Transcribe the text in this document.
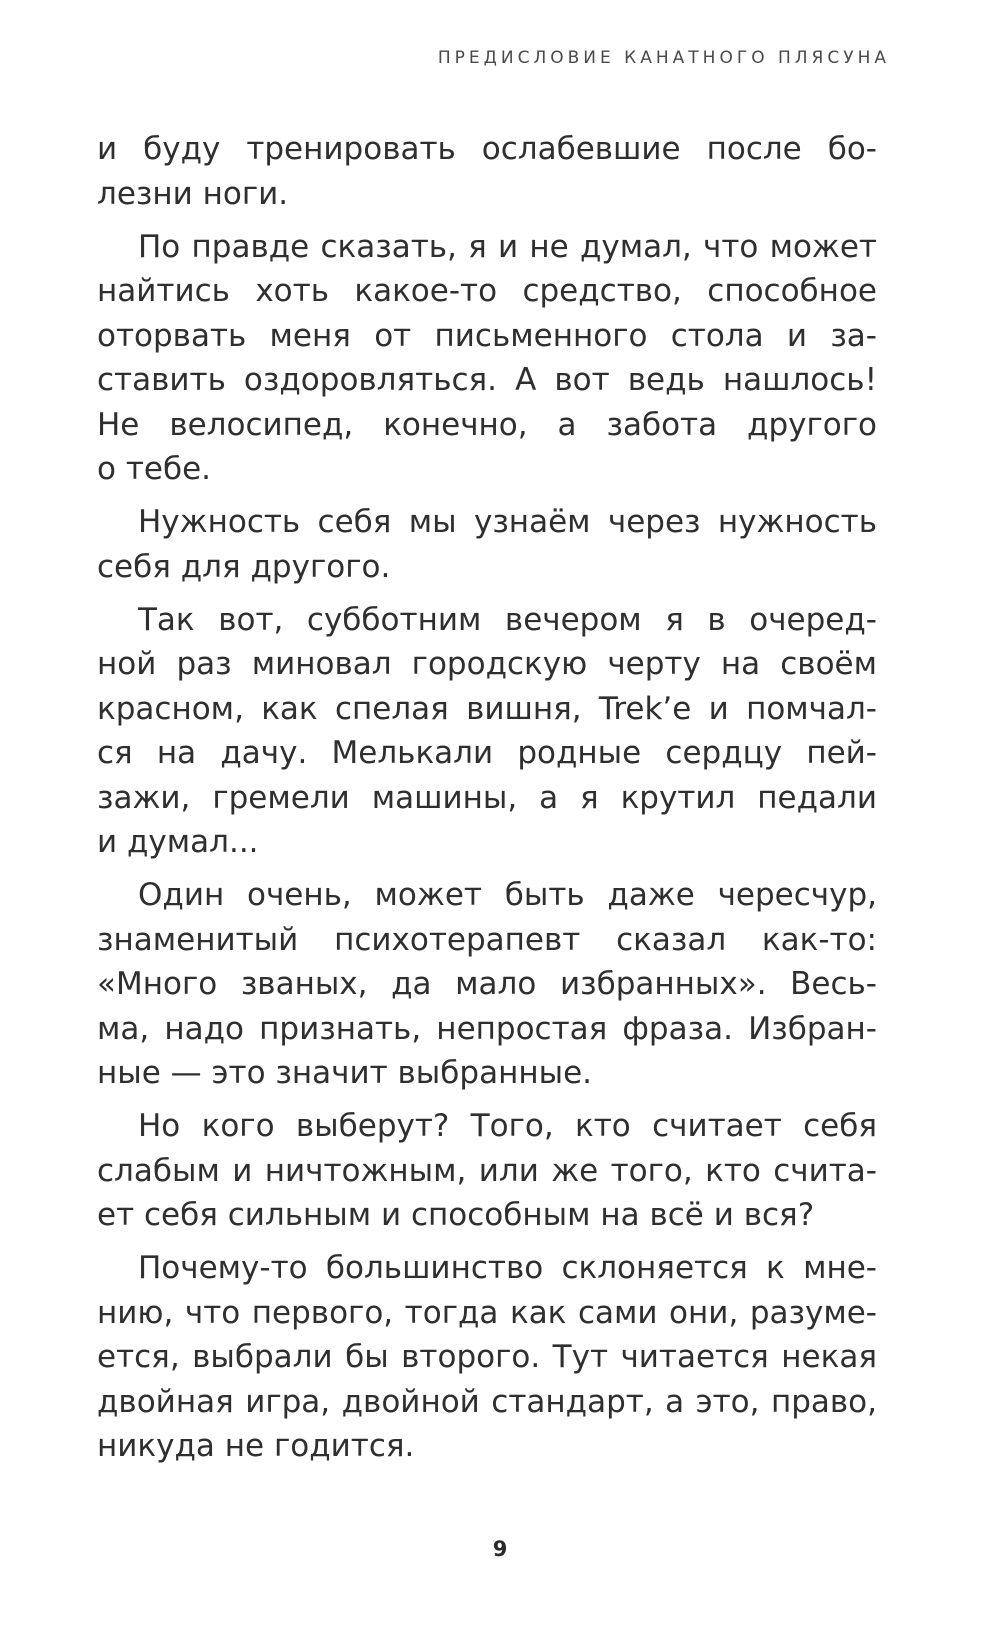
ПРЕДИСЛОВИЕ КАНАТНОГО ПЛЯСУНА
и буду тренировать ослабевшие после бо-
лезни ноги.
По правде сказать, я и не думал, что может
найтись хоть какое-то средство, способное
оторвать меня от письменного стола и за-
ставить оздоровляться. А вот ведь нашлось!
Не велосипед, конечно, а забота другого
о тебе.
Нужность себя мы узнаём через нужность
себя для другого.
Так вот, субботним вечером я в очеред-
ной раз миновал городскую черту на своём
красном, как спелая вишня, Trek’е и помчал-
ся на дачу. Мелькали родные сердцу пей-
зажи, гремели машины, а я крутил педали
и думал...
Один очень, может быть даже чересчур,
знаменитый психотерапевт сказал как-то:
«Много званых, да мало избранных». Весь-
ма, надо признать, непростая фраза. Избран-
ные — это значит выбранные.
Но кого выберут? Того, кто считает себя
слабым и ничтожным, или же того, кто счита-
ет себя сильным и способным на всё и вся?
Почему-то большинство склоняется к мне-
нию, что первого, тогда как сами они, разуме-
ется, выбрали бы второго. Тут читается некая
двойная игра, двойной стандарт, а это, право,
никуда не годится.
9
